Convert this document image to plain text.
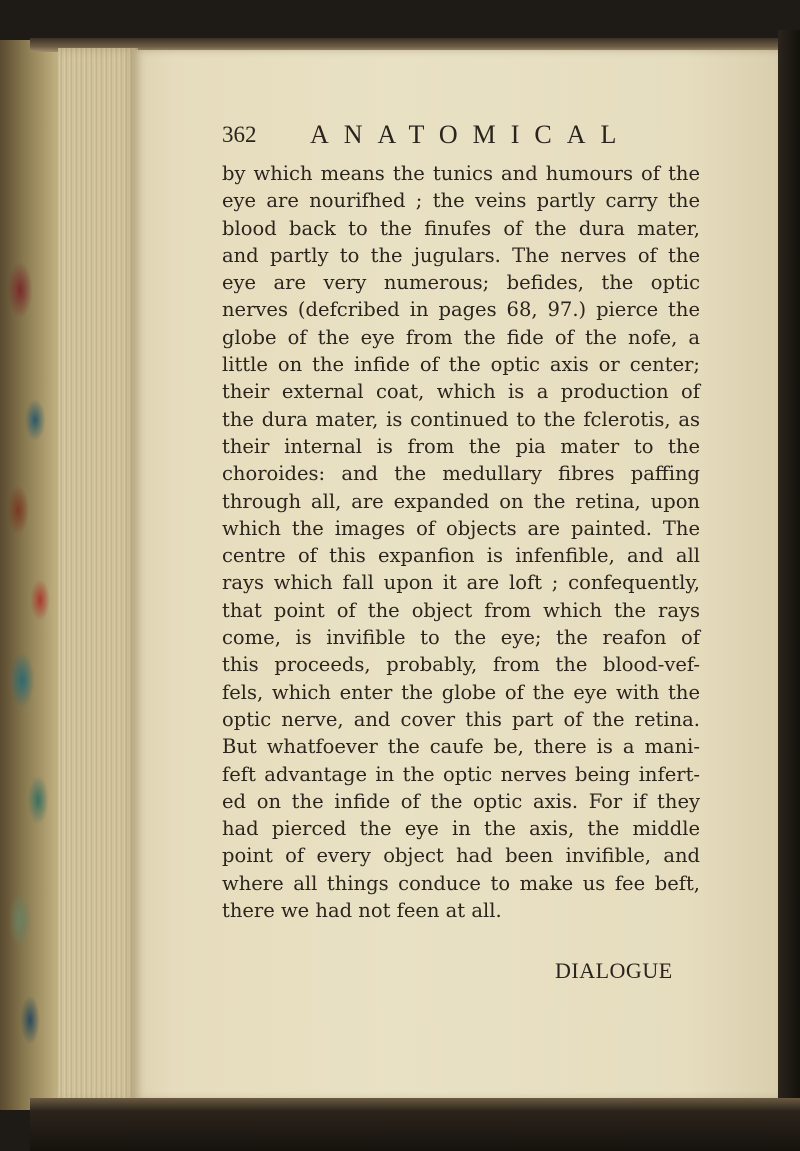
362 ANATOMICAL
by which means the tunics and humours of the
eye are nourifhed ; the veins partly carry the
blood back to the finufes of the dura mater,
and partly to the jugulars. The nerves of the
eye are very numerous; befides, the optic
nerves (defcribed in pages 68, 97.) pierce the
globe of the eye from the fide of the nofe, a
little on the infide of the optic axis or center;
their external coat, which is a production of
the dura mater, is continued to the fclerotis, as
their internal is from the pia mater to the
choroides: and the medullary fibres paffing
through all, are expanded on the retina, upon
which the images of objects are painted. The
centre of this expanfion is infenfible, and all
rays which fall upon it are loft ; confequently,
that point of the object from which the rays
come, is invifible to the eye; the reafon of
this proceeds, probably, from the blood-vef-
fels, which enter the globe of the eye with the
optic nerve, and cover this part of the retina.
But whatfoever the caufe be, there is a mani-
feft advantage in the optic nerves being infert-
ed on the infide of the optic axis. For if they
had pierced the eye in the axis, the middle
point of every object had been invifible, and
where all things conduce to make us fee beft,
there we had not feen at all.
DIALOGUE
